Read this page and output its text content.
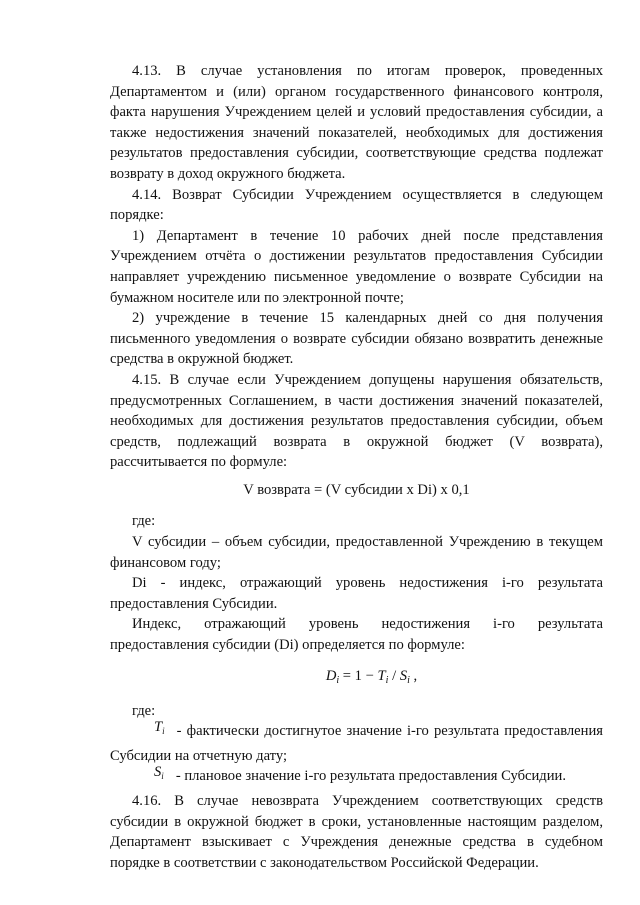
4.13. В случае установления по итогам проверок, проведенных Департаментом и (или) органом государственного финансового контроля, факта нарушения Учреждением целей и условий предоставления субсидии, а также недостижения значений показателей, необходимых для достижения результатов предоставления субсидии, соответствующие средства подлежат возврату в доход окружного бюджета.

4.14. Возврат Субсидии Учреждением осуществляется в следующем порядке:

1) Департамент в течение 10 рабочих дней после представления Учреждением отчёта о достижении результатов предоставления Субсидии направляет учреждению письменное уведомление о возврате Субсидии на бумажном носителе или по электронной почте;

2) учреждение в течение 15 календарных дней со дня получения письменного уведомления о возврате субсидии обязано возвратить денежные средства в окружной бюджет.

4.15. В случае если Учреждением допущены нарушения обязательств, предусмотренных Соглашением, в части достижения значений показателей, необходимых для достижения результатов предоставления субсидии, объем средств, подлежащий возврата в окружной бюджет (V возврата), рассчитывается по формуле:

V возврата = (V субсидии x Di) x 0,1

где:

V субсидии – объем субсидии, предоставленной Учреждению в текущем финансовом году;

Di - индекс, отражающий уровень недостижения i-го результата предоставления Субсидии.

Индекс, отражающий уровень недостижения i-го результата предоставления субсидии (Di) определяется по формуле:

$D_i = 1 - T_i / S_i$ ,

где:

$T_i$ - фактически достигнутое значение i-го результата предоставления Субсидии на отчетную дату;

$S_i$ - плановое значение i-го результата предоставления Субсидии.

4.16. В случае невозврата Учреждением соответствующих средств субсидии в окружной бюджет в сроки, установленные настоящим разделом, Департамент взыскивает с Учреждения денежные средства в судебном порядке в соответствии с законодательством Российской Федерации.
